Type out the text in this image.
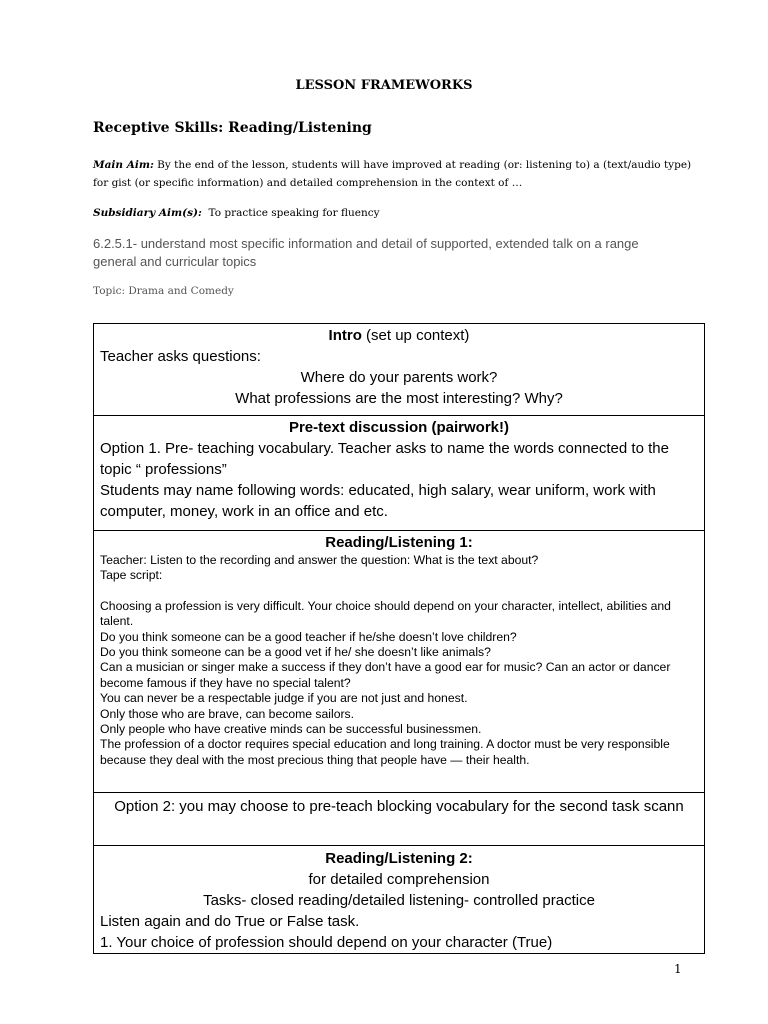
LESSON FRAMEWORKS
Receptive Skills: Reading/Listening
Main Aim: By the end of the lesson, students will have improved at reading (or: listening to) a (text/audio type) for gist (or specific information) and detailed comprehension in the context of …
Subsidiary Aim(s):  To practice speaking for fluency
6.2.5.1- understand most specific information and detail of supported, extended talk on a range general and curricular topics
Topic: Drama and Comedy
Intro (set up context)
Teacher asks questions:
Where do your parents work?
What professions are the most interesting? Why?
Pre-text discussion (pairwork!)
Option 1. Pre- teaching vocabulary. Teacher asks to name the words connected to the topic “ professions”
Students may name following words: educated, high salary, wear uniform, work with computer, money, work in an office and etc.
Reading/Listening 1:
Teacher: Listen to the recording and answer the question: What is the text about?
Tape script:
Choosing a profession is very difficult. Your choice should depend on your character, intellect, abilities and talent.
Do you think someone can be a good teacher if he/she doesn’t love children?
Do you think someone can be a good vet if he/ she doesn’t like animals?
Can a musician or singer make a success if they don’t have a good ear for music? Can an actor or dancer become famous if they have no special talent?
You can never be a respectable judge if you are not just and honest.
Only those who are brave, can become sailors.
Only people who have creative minds can be successful businessmen.
The profession of a doctor requires special education and long training. A doctor must be very responsible because they deal with the most precious thing that people have — their health.
Option 2: you may choose to pre-teach blocking vocabulary for the second task scann
Reading/Listening 2:
for detailed comprehension
Tasks- closed reading/detailed listening- controlled practice
Listen again and do True or False task.
1. Your choice of profession should depend on your character (True)
1
